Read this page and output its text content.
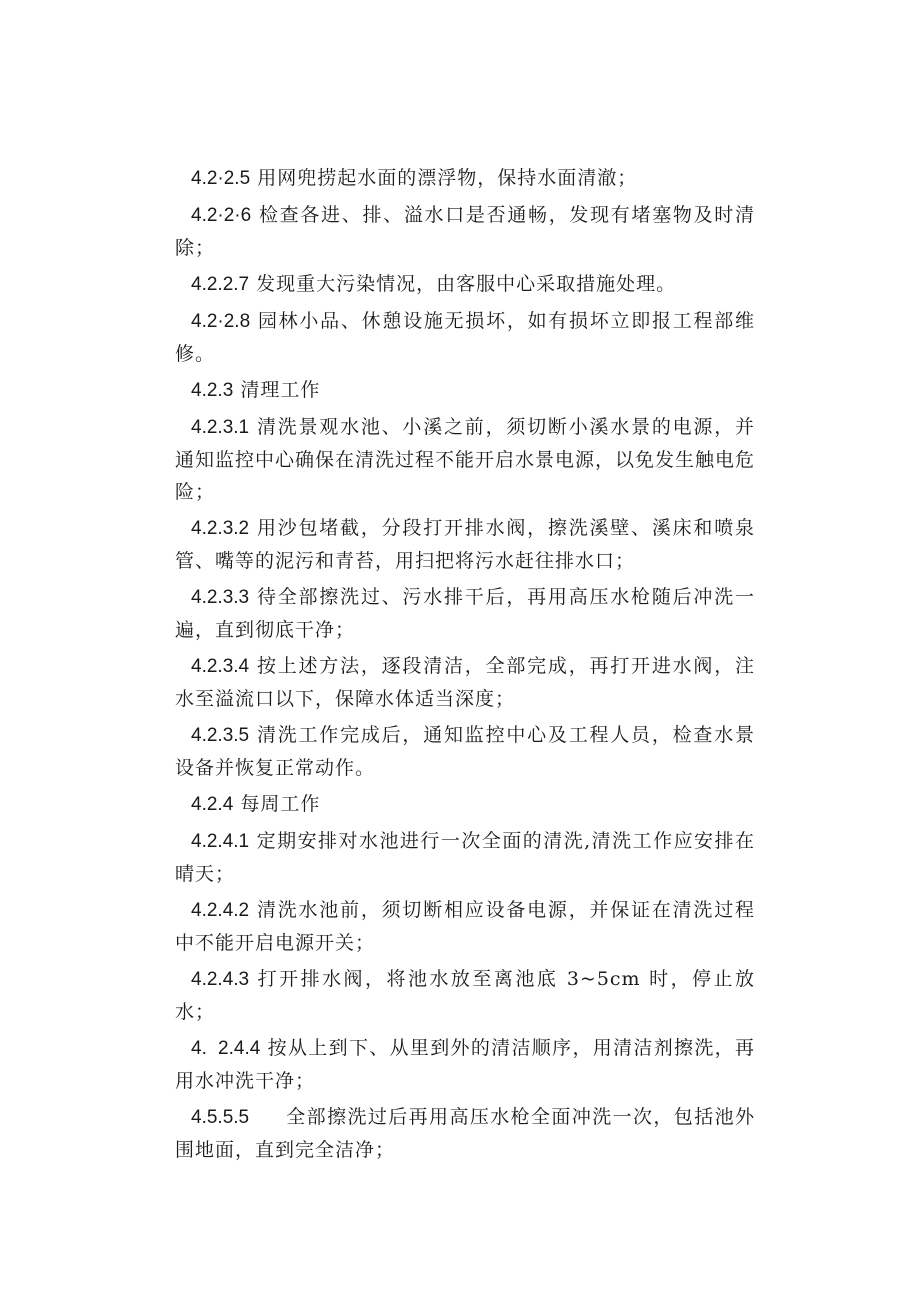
4.2·2.5 用网兜捞起水面的漂浮物，保持水面清澈；

4.2·2·6 检查各进、排、溢水口是否通畅，发现有堵塞物及时清除；

4.2.2.7 发现重大污染情况，由客服中心采取措施处理。

4.2·2.8 园林小品、休憩设施无损坏，如有损坏立即报工程部维修。

4.2.3 清理工作

4.2.3.1 清洗景观水池、小溪之前，须切断小溪水景的电源，并通知监控中心确保在清洗过程不能开启水景电源，以免发生触电危险；

4.2.3.2 用沙包堵截，分段打开排水阀，擦洗溪壁、溪床和喷泉管、嘴等的泥污和青苔，用扫把将污水赶往排水口；

4.2.3.3 待全部擦洗过、污水排干后，再用高压水枪随后冲洗一遍，直到彻底干净；

4.2.3.4 按上述方法，逐段清洁，全部完成，再打开进水阀，注水至溢流口以下，保障水体适当深度；

4.2.3.5 清洗工作完成后，通知监控中心及工程人员，检查水景设备并恢复正常动作。

4.2.4 每周工作

4.2.4.1 定期安排对水池进行一次全面的清洗,清洗工作应安排在晴天；

4.2.4.2 清洗水池前，须切断相应设备电源，并保证在清洗过程中不能开启电源开关；

4.2.4.3 打开排水阀，将池水放至离池底 3~5cm 时，停止放水；

4.  2.4.4 按从上到下、从里到外的清洁顺序，用清洁剂擦洗，再用水冲洗干净；

4.5.5.5     全部擦洗过后再用高压水枪全面冲洗一次，包括池外围地面，直到完全洁净；
